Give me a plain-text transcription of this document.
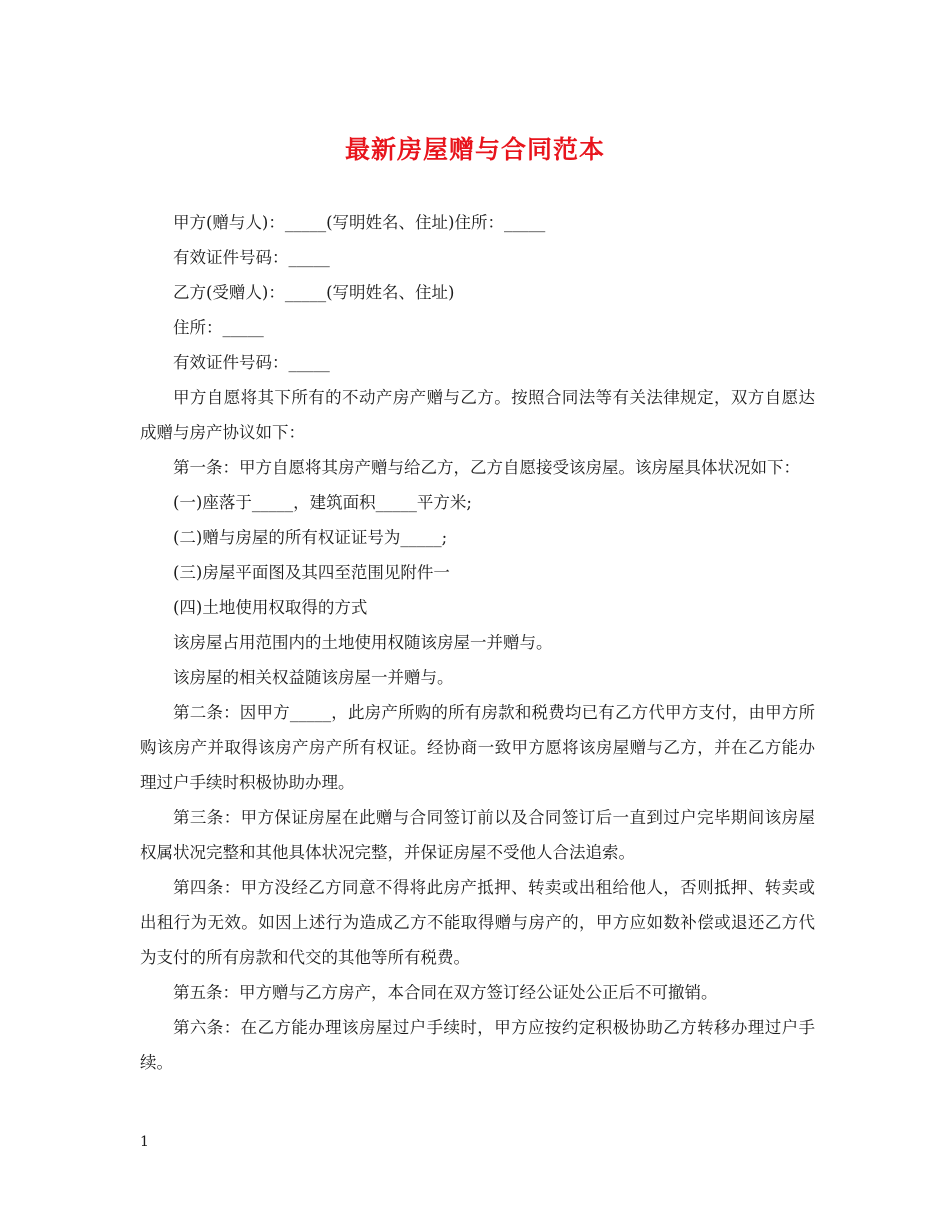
最新房屋赠与合同范本

甲方(赠与人)：_____(写明姓名、住址)住所：_____

有效证件号码：_____

乙方(受赠人)：_____(写明姓名、住址)

住所：_____

有效证件号码：_____

甲方自愿将其下所有的不动产房产赠与乙方。按照合同法等有关法律规定，双方自愿达成赠与房产协议如下：

第一条：甲方自愿将其房产赠与给乙方，乙方自愿接受该房屋。该房屋具体状况如下：

(一)座落于_____，建筑面积_____平方米;

(二)赠与房屋的所有权证证号为_____;

(三)房屋平面图及其四至范围见附件一

(四)土地使用权取得的方式

该房屋占用范围内的土地使用权随该房屋一并赠与。

该房屋的相关权益随该房屋一并赠与。

第二条：因甲方_____，此房产所购的所有房款和税费均已有乙方代甲方支付，由甲方所购该房产并取得该房产房产所有权证。经协商一致甲方愿将该房屋赠与乙方，并在乙方能办理过户手续时积极协助办理。

第三条：甲方保证房屋在此赠与合同签订前以及合同签订后一直到过户完毕期间该房屋权属状况完整和其他具体状况完整，并保证房屋不受他人合法追索。

第四条：甲方没经乙方同意不得将此房产抵押、转卖或出租给他人，否则抵押、转卖或出租行为无效。如因上述行为造成乙方不能取得赠与房产的，甲方应如数补偿或退还乙方代为支付的所有房款和代交的其他等所有税费。

第五条：甲方赠与乙方房产，本合同在双方签订经公证处公正后不可撤销。

第六条：在乙方能办理该房屋过户手续时，甲方应按约定积极协助乙方转移办理过户手续。

1
